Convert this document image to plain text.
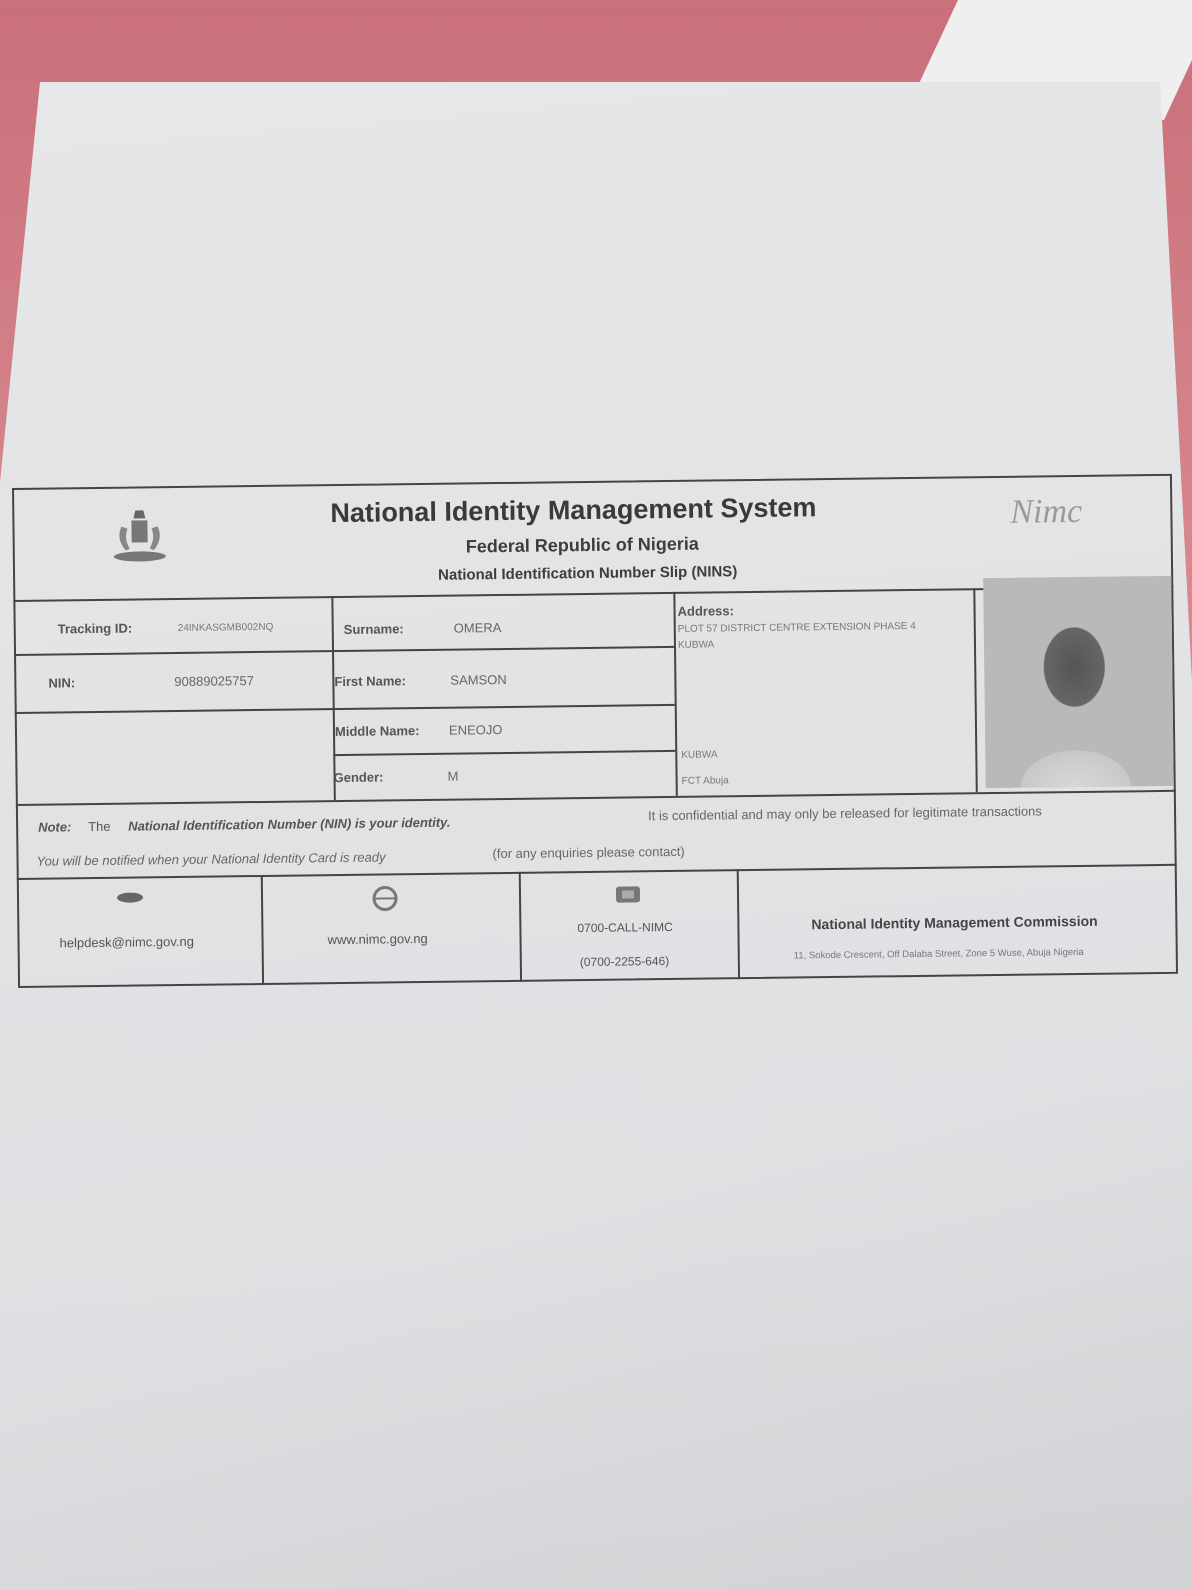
National Identity Management System
Federal Republic of Nigeria
National Identification Number Slip (NINS)
Nimc
Tracking ID:	24INKASGMB002NQ	Surname:	OMERA
Address:
PLOT 57 DISTRICT CENTRE EXTENSION PHASE 4
KUBWA
KUBWA
FCT Abuja
NIN:	90889025757	First Name:	SAMSON
Middle Name: ENEOJO
Gender:	M
Note: The National Identification Number (NIN) is your identity.
It is confidential and may only be released for legitimate transactions
You will be notified when your National Identity Card is ready	(for any enquiries please contact)
helpdesk@nimc.gov.ng	www.nimc.gov.ng
0700-CALL-NIMC
(0700-2255-646)
National Identity Management Commission
11, Sokode Crescent, Off Dalaba Street, Zone 5 Wuse, Abuja Nigeria
